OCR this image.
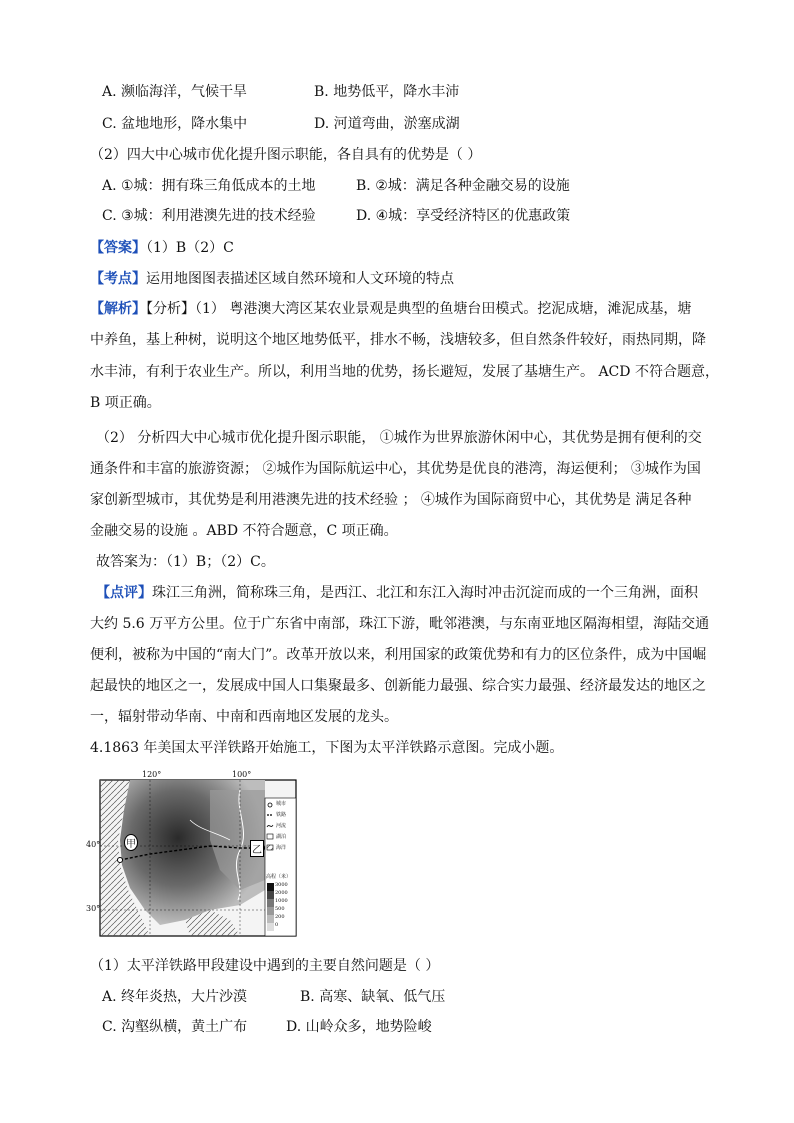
A. 濒临海洋，气候干旱	B. 地势低平，降水丰沛
C. 盆地地形，降水集中	D. 河道弯曲，淤塞成湖
（2）四大中心城市优化提升图示职能，各自具有的优势是（ ）
A. ①城：拥有珠三角低成本的土地	B. ②城：满足各种金融交易的设施
C. ③城：利用港澳先进的技术经验	D. ④城：享受经济特区的优惠政策
【答案】（1）B（2）C
【考点】运用地图图表描述区域自然环境和人文环境的特点
【解析】【分析】（1） 粤港澳大湾区某农业景观是典型的鱼塘台田模式。挖泥成塘，滩泥成基，塘
中养鱼，基上种树，说明这个地区地势低平，排水不畅，浅塘较多，但自然条件较好，雨热同期，降
水丰沛，有利于农业生产。所以，利用当地的优势，扬长避短，发展了基塘生产。 ACD 不符合题意，
B 项正确。
（2） 分析四大中心城市优化提升图示职能， ①城作为世界旅游休闲中心，其优势是拥有便利的交
通条件和丰富的旅游资源； ②城作为国际航运中心，其优势是优良的港湾，海运便利； ③城作为国
家创新型城市，其优势是利用港澳先进的技术经验 ； ④城作为国际商贸中心，其优势是 满足各种
金融交易的设施 。ABD 不符合题意，C 项正确。
故答案为：（1）B；（2）C。
【点评】珠江三角洲，简称珠三角，是西江、北江和东江入海时冲击沉淀而成的一个三角洲，面积
大约 5.6 万平方公里。位于广东省中南部，珠江下游，毗邻港澳，与东南亚地区隔海相望，海陆交通
便利，被称为中国的“南大门”。改革开放以来，利用国家的政策优势和有力的区位条件，成为中国崛
起最快的地区之一，发展成中国人口集聚最多、创新能力最强、综合实力最强、经济最发达的地区之
一，辐射带动华南、中南和西南地区发展的龙头。
4.1863 年美国太平洋铁路开始施工，下图为太平洋铁路示意图。完成小题。
120°	100°
40°
30°
甲
乙
城市
铁路
河流
湖泊
海洋
高程（米）
3000
2000
1000
500
200
0
（1）太平洋铁路甲段建设中遇到的主要自然问题是（ ）
A. 终年炎热，大片沙漠	B. 高寒、缺氧、低气压
C. 沟壑纵横，黄土广布	D. 山岭众多，地势险峻
